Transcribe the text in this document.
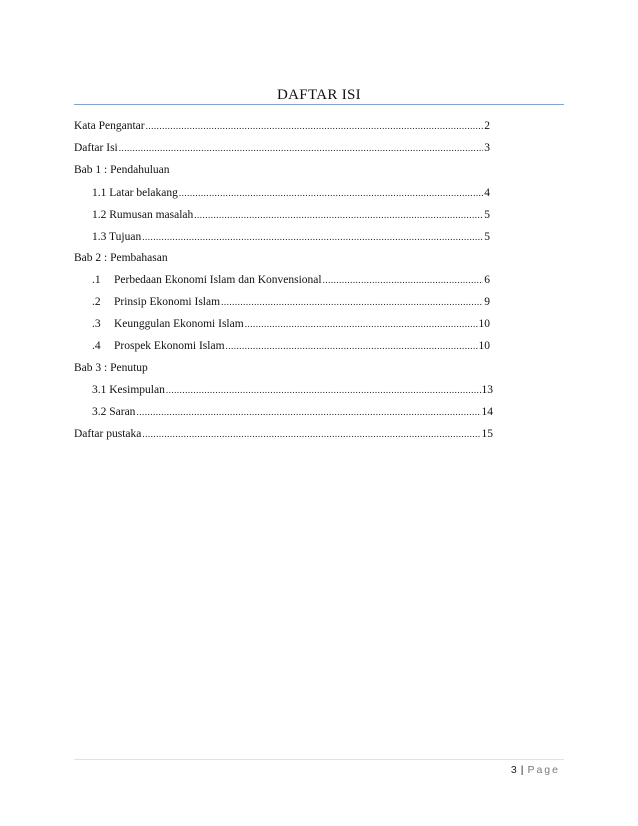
DAFTAR ISI
Kata Pengantar .....	2
Daftar Isi .....	3
Bab 1 : Pendahuluan
1.1 Latar belakang .....	4
1.2 Rumusan masalah .....	5
1.3 Tujuan .....	5
Bab 2 : Pembahasan
.1	Perbedaan Ekonomi Islam dan Konvensional .....	6
.2	Prinsip Ekonomi Islam .....	9
.3	Keunggulan Ekonomi Islam .....	10
.4	Prospek Ekonomi Islam .....	10
Bab 3 : Penutup
3.1 Kesimpulan .....	13
3.2 Saran .....	14
Daftar pustaka .....	15
3 | Page
